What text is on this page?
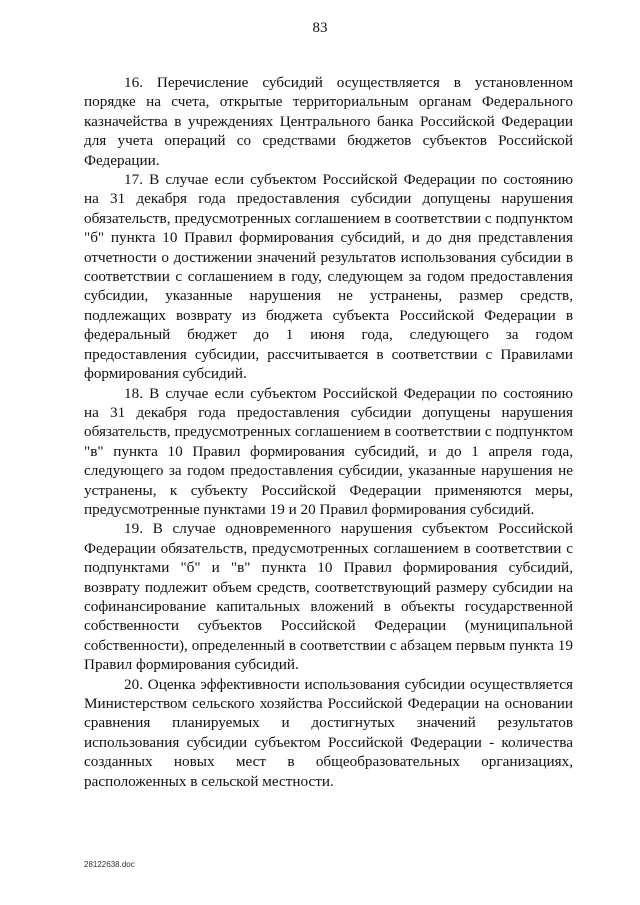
83

16. Перечисление субсидий осуществляется в установленном порядке на счета, открытые территориальным органам Федерального казначейства в учреждениях Центрального банка Российской Федерации для учета операций со средствами бюджетов субъектов Российской Федерации.

17. В случае если субъектом Российской Федерации по состоянию на 31 декабря года предоставления субсидии допущены нарушения обязательств, предусмотренных соглашением в соответствии с подпунктом "б" пункта 10 Правил формирования субсидий, и до дня представления отчетности о достижении значений результатов использования субсидии в соответствии с соглашением в году, следующем за годом предоставления субсидии, указанные нарушения не устранены, размер средств, подлежащих возврату из бюджета субъекта Российской Федерации в федеральный бюджет до 1 июня года, следующего за годом предоставления субсидии, рассчитывается в соответствии с Правилами формирования субсидий.

18. В случае если субъектом Российской Федерации по состоянию на 31 декабря года предоставления субсидии допущены нарушения обязательств, предусмотренных соглашением в соответствии с подпунктом "в" пункта 10 Правил формирования субсидий, и до 1 апреля года, следующего за годом предоставления субсидии, указанные нарушения не устранены, к субъекту Российской Федерации применяются меры, предусмотренные пунктами 19 и 20 Правил формирования субсидий.

19. В случае одновременного нарушения субъектом Российской Федерации обязательств, предусмотренных соглашением в соответствии с подпунктами "б" и "в" пункта 10 Правил формирования субсидий, возврату подлежит объем средств, соответствующий размеру субсидии на софинансирование капитальных вложений в объекты государственной собственности субъектов Российской Федерации (муниципальной собственности), определенный в соответствии с абзацем первым пункта 19 Правил формирования субсидий.

20. Оценка эффективности использования субсидии осуществляется Министерством сельского хозяйства Российской Федерации на основании сравнения планируемых и достигнутых значений результатов использования субсидии субъектом Российской Федерации - количества созданных новых мест в общеобразовательных организациях, расположенных в сельской местности.

28122638.doc
